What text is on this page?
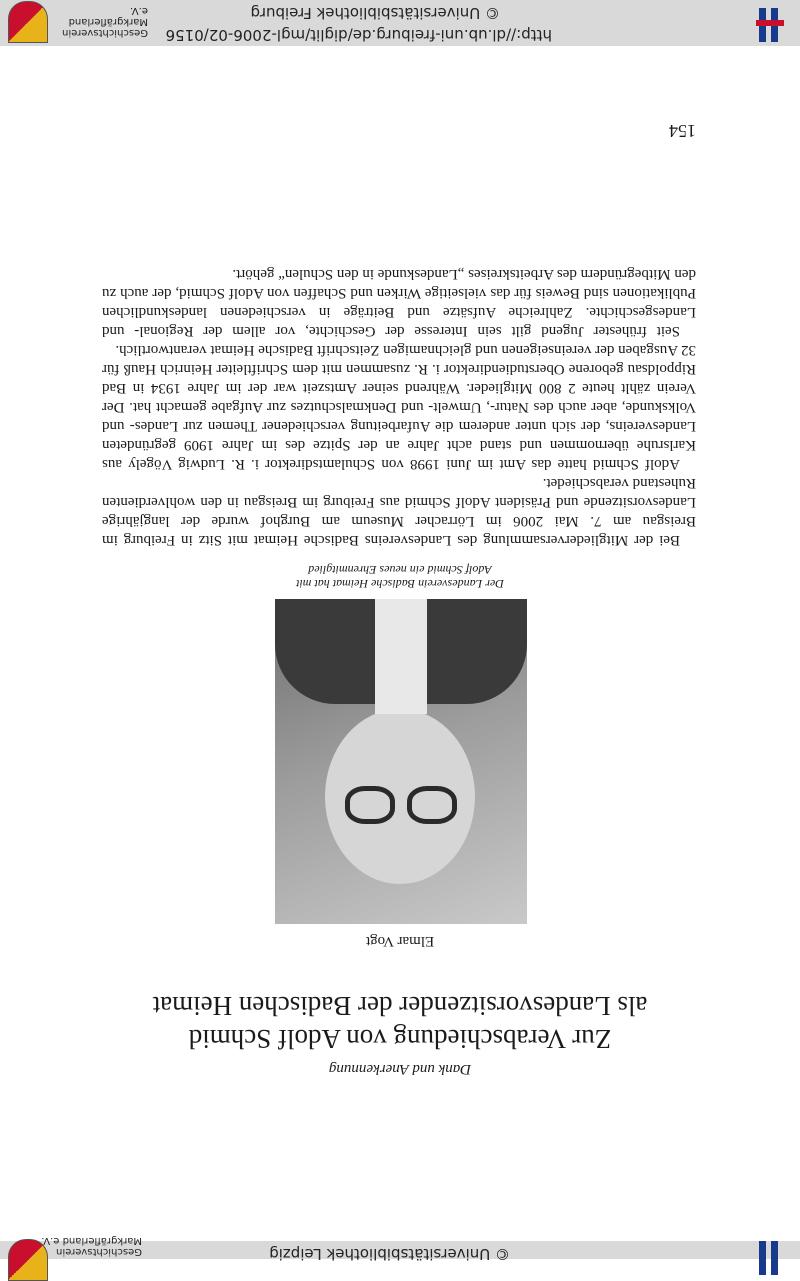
© Universitätsbibliothek Leipzig
Geschichtsverein Markgräflerland e.V.
Dank und Anerkennung
Zur Verabschiedung von Adolf Schmid
als Landesvorsitzender der Badischen Heimat
Elmar Vogt
Der Landesverein Badische Heimat hat mit
Adolf Schmid ein neues Ehrenmitglied

Bei der Mitgliederversammlung des Landesvereins Badische Heimat mit Sitz in Freiburg im Breisgau am 7. Mai 2006 im Lörracher Museum am Burghof wurde der langjährige Landesvorsitzende und Präsident Adolf Schmid aus Freiburg im Breisgau in den wohlverdienten Ruhestand verabschiedet.

Adolf Schmid hatte das Amt im Juni 1998 von Schulamtsdirektor i. R. Ludwig Vögely aus Karlsruhe übernommen und stand acht Jahre an der Spitze des im Jahre 1909 gegründeten Landesvereins, der sich unter anderem die Aufarbeitung verschiedener Themen zur Landes- und Volkskunde, aber auch des Natur-, Umwelt- und Denkmalschutzes zur Aufgabe gemacht hat. Der Verein zählt heute 2 800 Mitglieder. Während seiner Amtszeit war der im Jahre 1934 in Bad Rippoldsau geborene Oberstudiendirektor i. R. zusammen mit dem Schriftleiter Heinrich Hauß für 32 Ausgaben der vereinseigenen und gleichnamigen Zeitschrift Badische Heimat verantwortlich.

Seit frühester Jugend gilt sein Interesse der Geschichte, vor allem der Regional- und Landesgeschichte. Zahlreiche Aufsätze und Beiträge in verschiedenen landeskundlichen Publikationen sind Beweis für das vielseitige Wirken und Schaffen von Adolf Schmid, der auch zu den Mitbegründern des Arbeitskreises „Landeskunde in den Schulen“ gehört.

154
http://dl.ub.uni-freiburg.de/diglit/mgl-2006-02/0156
© Universitätsbibliothek Freiburg
Geschichtsverein Markgräflerland e.V.
